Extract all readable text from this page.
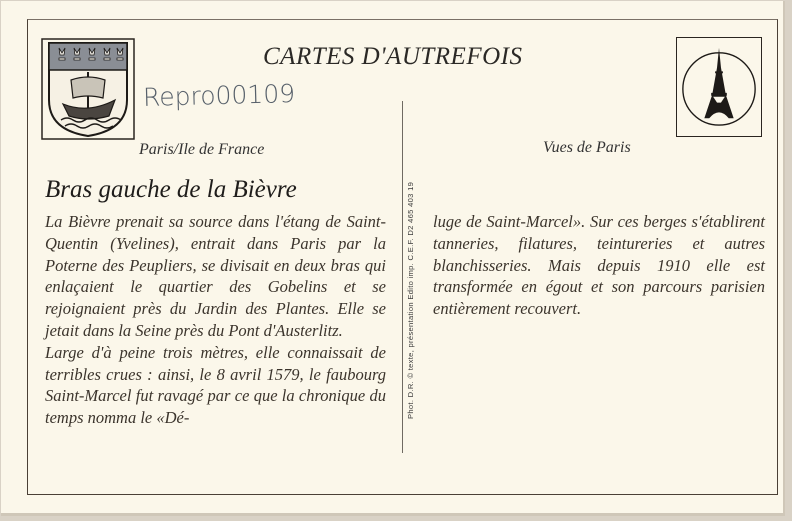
CARTES D'AUTREFOIS
Repro00109
Paris/Ile de France	Vues de Paris
Bras gauche de la Bièvre

La Bièvre prenait sa source dans l'étang de Saint-Quentin (Yvelines), entrait dans Paris par la Poterne des Peupliers, se divisait en deux bras qui enlaçaient le quartier des Gobelins et se rejoignaient près du Jardin des Plantes. Elle se jetait dans la Seine près du Pont d'Austerlitz.

Large d'à peine trois mètres, elle connaissait de terribles crues : ainsi, le 8 avril 1579, le faubourg Saint-Marcel fut ravagé par ce que la chronique du temps nomma le «Dé-	Phot. D.R. © texte, présentation Edito imp. C.E.F. D2 465 403 19 luge de Saint-Marcel». Sur ces berges s'établirent tanneries, filatures, teintureries et autres blanchisseries. Mais depuis 1910 elle est transformée en égout et son parcours parisien entièrement recouvert.
